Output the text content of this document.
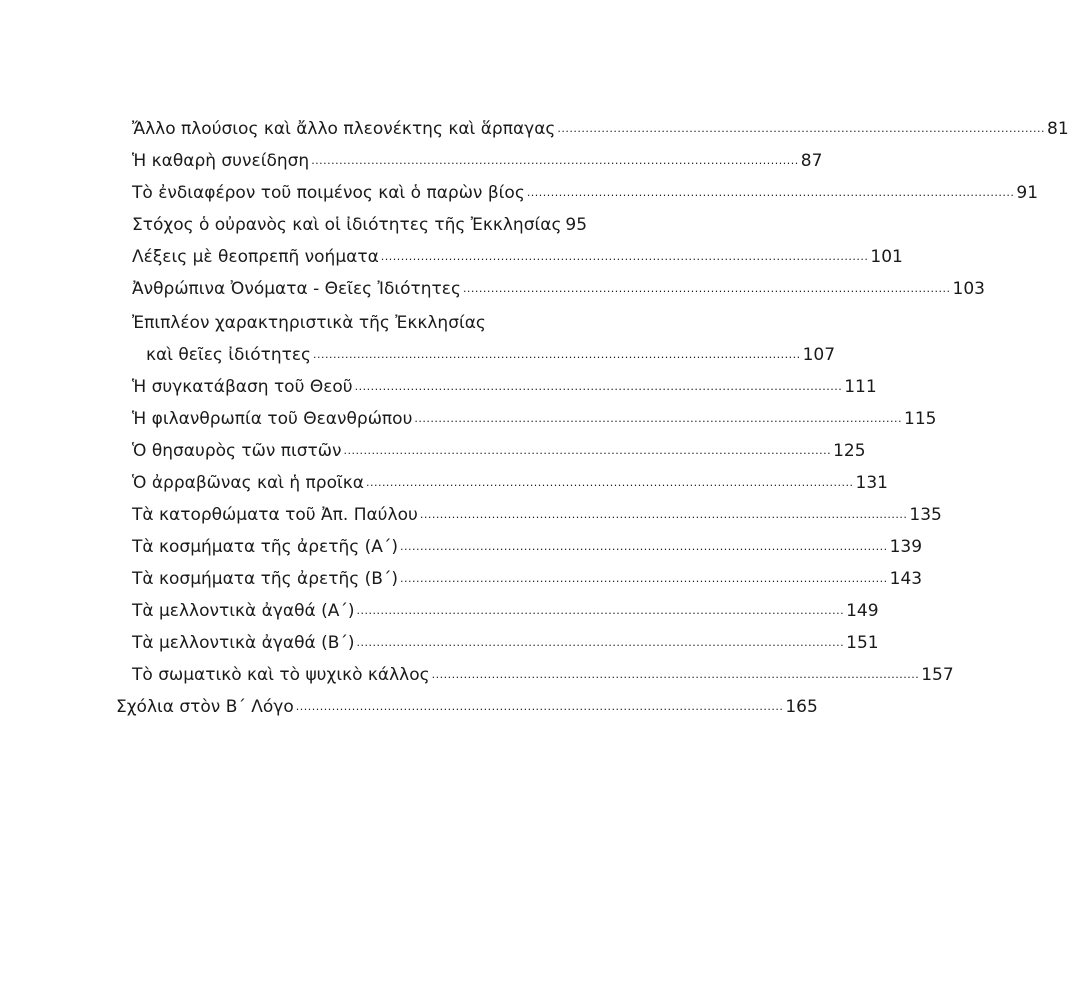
Ἄλλο πλούσιος καὶ ἄλλο πλεονέκτης καὶ ἅρπαγας .......................................................................................................................... 81
Ἡ καθαρὴ συνείδηση .......................................................................................................................... 87
Τὸ ἐνδιαφέρον τοῦ ποιμένος καὶ ὁ παρὼν βίος .......................................................................................................................... 91
Στόχος ὁ οὐρανὸς καὶ οἱ ἰδιότητες τῆς Ἐκκλησίας 95
Λέξεις μὲ θεοπρεπῆ νοήματα .......................................................................................................................... 101
Ἀνθρώπινα Ὀνόματα - Θεῖες Ἰδιότητες .......................................................................................................................... 103
Ἐπιπλέον χαρακτηριστικὰ τῆς Ἐκκλησίας
καὶ θεῖες ἰδιότητες .......................................................................................................................... 107
Ἡ συγκατάβαση τοῦ Θεοῦ .......................................................................................................................... 111
Ἡ φιλανθρωπία τοῦ Θεανθρώπου .......................................................................................................................... 115
Ὁ θησαυρὸς τῶν πιστῶν .......................................................................................................................... 125
Ὁ ἀρραβῶνας καὶ ἡ προῖκα .......................................................................................................................... 131
Τὰ κατορθώματα τοῦ Ἀπ. Παύλου .......................................................................................................................... 135
Τὰ κοσμήματα τῆς ἀρετῆς (Α΄) .......................................................................................................................... 139
Τὰ κοσμήματα τῆς ἀρετῆς (Β΄) .......................................................................................................................... 143
Τὰ μελλοντικὰ ἀγαθά (Α΄) .......................................................................................................................... 149
Τὰ μελλοντικὰ ἀγαθά (Β΄) .......................................................................................................................... 151
Τὸ σωματικὸ καὶ τὸ ψυχικὸ κάλλος .......................................................................................................................... 157
Σχόλια στὸν Β΄ Λόγο .......................................................................................................................... 165
